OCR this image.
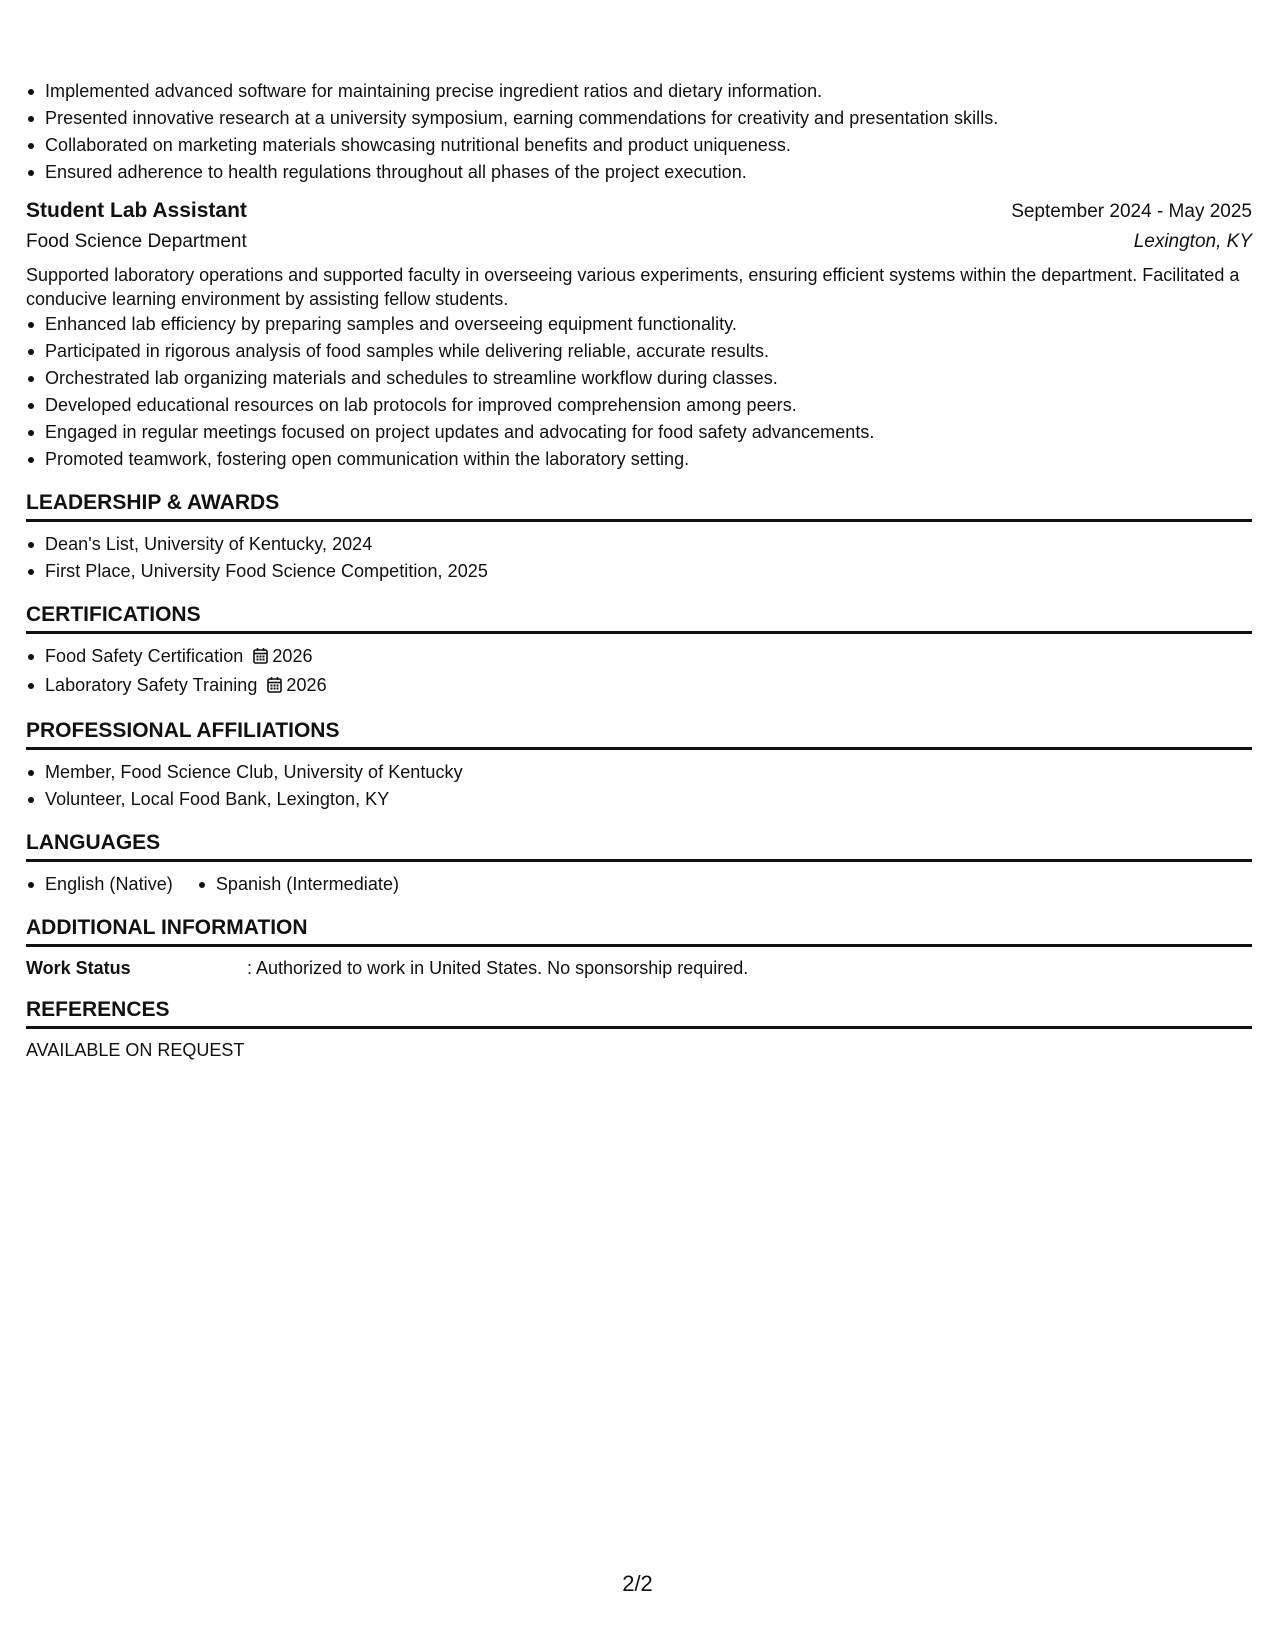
Implemented advanced software for maintaining precise ingredient ratios and dietary information.
Presented innovative research at a university symposium, earning commendations for creativity and presentation skills.
Collaborated on marketing materials showcasing nutritional benefits and product uniqueness.
Ensured adherence to health regulations throughout all phases of the project execution.
Student Lab Assistant	September 2024 - May 2025
Food Science Department	Lexington, KY
Supported laboratory operations and supported faculty in overseeing various experiments, ensuring efficient systems within the department. Facilitated a conducive learning environment by assisting fellow students.
Enhanced lab efficiency by preparing samples and overseeing equipment functionality.
Participated in rigorous analysis of food samples while delivering reliable, accurate results.
Orchestrated lab organizing materials and schedules to streamline workflow during classes.
Developed educational resources on lab protocols for improved comprehension among peers.
Engaged in regular meetings focused on project updates and advocating for food safety advancements.
Promoted teamwork, fostering open communication within the laboratory setting.
LEADERSHIP & AWARDS
Dean's List, University of Kentucky, 2024
First Place, University Food Science Competition, 2025
CERTIFICATIONS
Food Safety Certification 2026
Laboratory Safety Training 2026
PROFESSIONAL AFFILIATIONS
Member, Food Science Club, University of Kentucky
Volunteer, Local Food Bank, Lexington, KY
LANGUAGES
English (Native)	Spanish (Intermediate)
ADDITIONAL INFORMATION
Work Status	: Authorized to work in United States. No sponsorship required.
REFERENCES
AVAILABLE ON REQUEST
2/2
